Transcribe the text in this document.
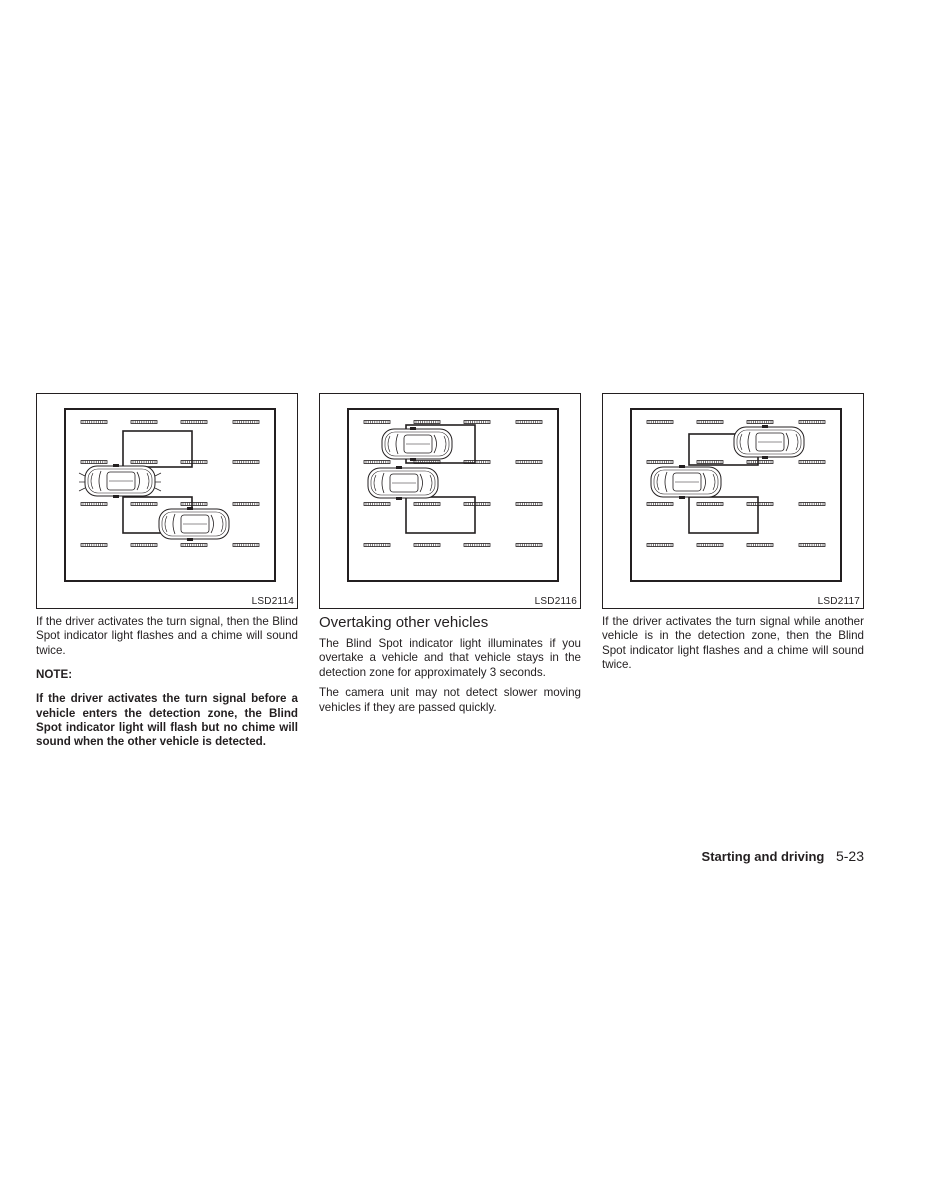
LSD2114

If the driver activates the turn signal, then the Blind Spot indicator light flashes and a chime will sound twice.

NOTE:

If the driver activates the turn signal before a vehicle enters the detection zone, the Blind Spot indicator light will flash but no chime will sound when the other vehicle is detected.

LSD2116
Overtaking other vehicles

The Blind Spot indicator light illuminates if you overtake a vehicle and that vehicle stays in the detection zone for approximately 3 seconds.

The camera unit may not detect slower moving vehicles if they are passed quickly.

LSD2117

If the driver activates the turn signal while another vehicle is in the detection zone, then the Blind Spot indicator light flashes and a chime will sound twice.

Starting and driving 5-23
